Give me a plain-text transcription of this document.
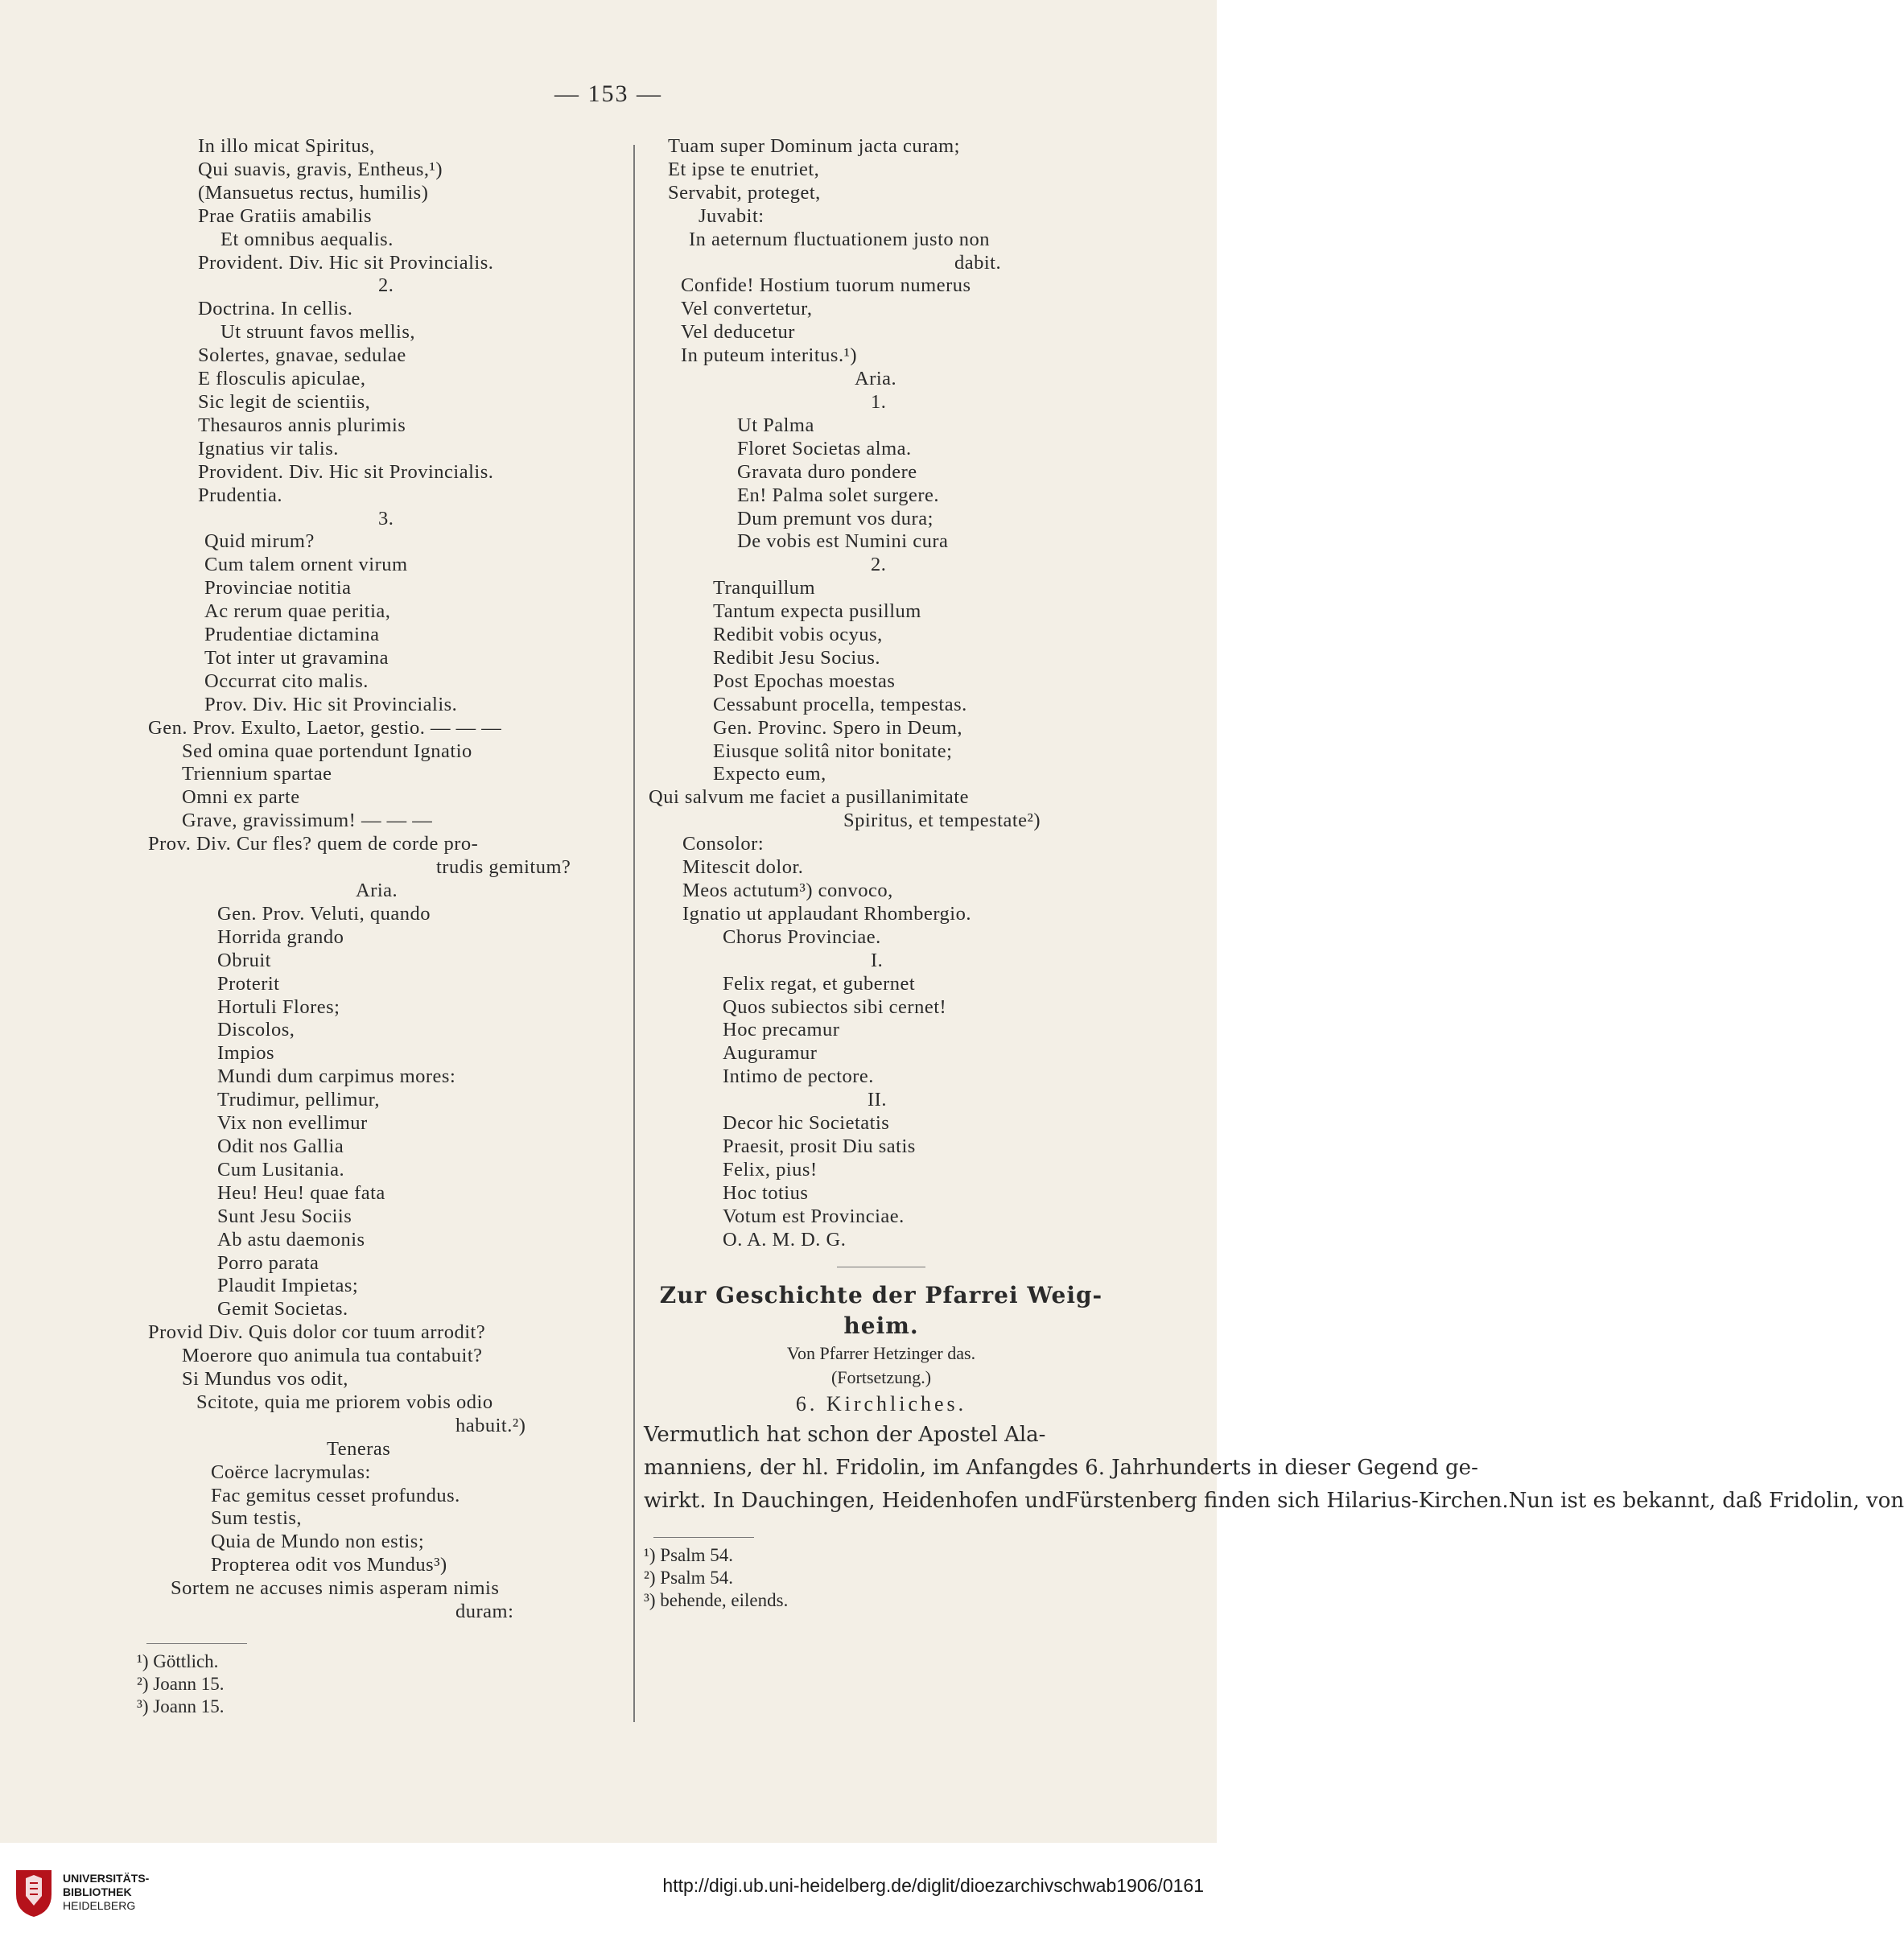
— 153 —
In illo micat Spiritus,
Qui suavis, gravis, Entheus,¹)
(Mansuetus rectus, humilis)
Prae Gratiis amabilis
Et omnibus aequalis.
Provident. Div. Hic sit Provincialis.
2.
Doctrina. In cellis.
Ut struunt favos mellis,
Solertes, gnavae, sedulae
E flosculis apiculae,
Sic legit de scientiis,
Thesauros annis plurimis
Ignatius vir talis.
Provident. Div. Hic sit Provincialis.
Prudentia.
3.
Quid mirum?
Cum talem ornent virum
Provinciae notitia
Ac rerum quae peritia,
Prudentiae dictamina
Tot inter ut gravamina
Occurrat cito malis.
Prov. Div. Hic sit Provincialis.
Gen. Prov. Exulto, Laetor, gestio. — — —
Sed omina quae portendunt Ignatio
Triennium spartae
Omni ex parte
Grave, gravissimum! — — —
Prov. Div. Cur fles? quem de corde pro-
trudis gemitum?
Aria.
Gen. Prov. Veluti, quando
Horrida grando
Obruit
Proterit
Hortuli Flores;
Discolos,
Impios
Mundi dum carpimus mores:
Trudimur, pellimur,
Vix non evellimur
Odit nos Gallia
Cum Lusitania.
Heu! Heu! quae fata
Sunt Jesu Sociis
Ab astu daemonis
Porro parata
Plaudit Impietas;
Gemit Societas.
Provid Div. Quis dolor cor tuum arrodit?
Moerore quo animula tua contabuit?
Si Mundus vos odit,
Scitote, quia me priorem vobis odio
habuit.²)
Teneras
Coërce lacrymulas:
Fac gemitus cesset profundus.
Sum testis,
Quia de Mundo non estis;
Propterea odit vos Mundus³)
Sortem ne accuses nimis asperam nimis
duram:
¹) Göttlich.
²) Joann 15.
³) Joann 15.
Tuam super Dominum jacta curam;
Et ipse te enutriet,
Servabit, proteget,
Juvabit:
In aeternum fluctuationem justo non
dabit.
Confide! Hostium tuorum numerus
Vel convertetur,
Vel deducetur
In puteum interitus.¹)
Aria.
1.
Ut Palma
Floret Societas alma.
Gravata duro pondere
En! Palma solet surgere.
Dum premunt vos dura;
De vobis est Numini cura
2.
Tranquillum
Tantum expecta pusillum
Redibit vobis ocyus,
Redibit Jesu Socius.
Post Epochas moestas
Cessabunt procella, tempestas.
Gen. Provinc. Spero in Deum,
Eiusque solitâ nitor bonitate;
Expecto eum,
Qui salvum me faciet a pusillanimitate
Spiritus, et tempestate²)
Consolor:
Mitescit dolor.
Meos actutum³) convoco,
Ignatio ut applaudant Rhombergio.
Chorus Provinciae.
I.
Felix regat, et gubernet
Quos subiectos sibi cernet!
Hoc precamur
Auguramur
Intimo de pectore.
II.
Decor hic Societatis
Praesit, prosit Diu satis
Felix, pius!
Hoc totius
Votum est Provinciae.
O. A. M. D. G.
Zur Geschichte der Pfarrei Weig-
heim.
Von Pfarrer Hetzinger das.
(Fortsetzung.)
6. Kirchliches.
Vermutlich hat schon der Apostel Ala-manniens, der hl. Fridolin, im Anfangdes 6. Jahrhunderts in dieser Gegend ge-wirkt. In Dauchingen, Heidenhofen undFürstenberg finden sich Hilarius-Kirchen.Nun ist es bekannt, daß Fridolin, von
¹) Psalm 54.
²) Psalm 54.
³) behende, eilends.
UNIVERSITÄTS-
BIBLIOTHEK
HEIDELBERG
http://digi.ub.uni-heidelberg.de/diglit/dioezarchivschwab1906/0161
